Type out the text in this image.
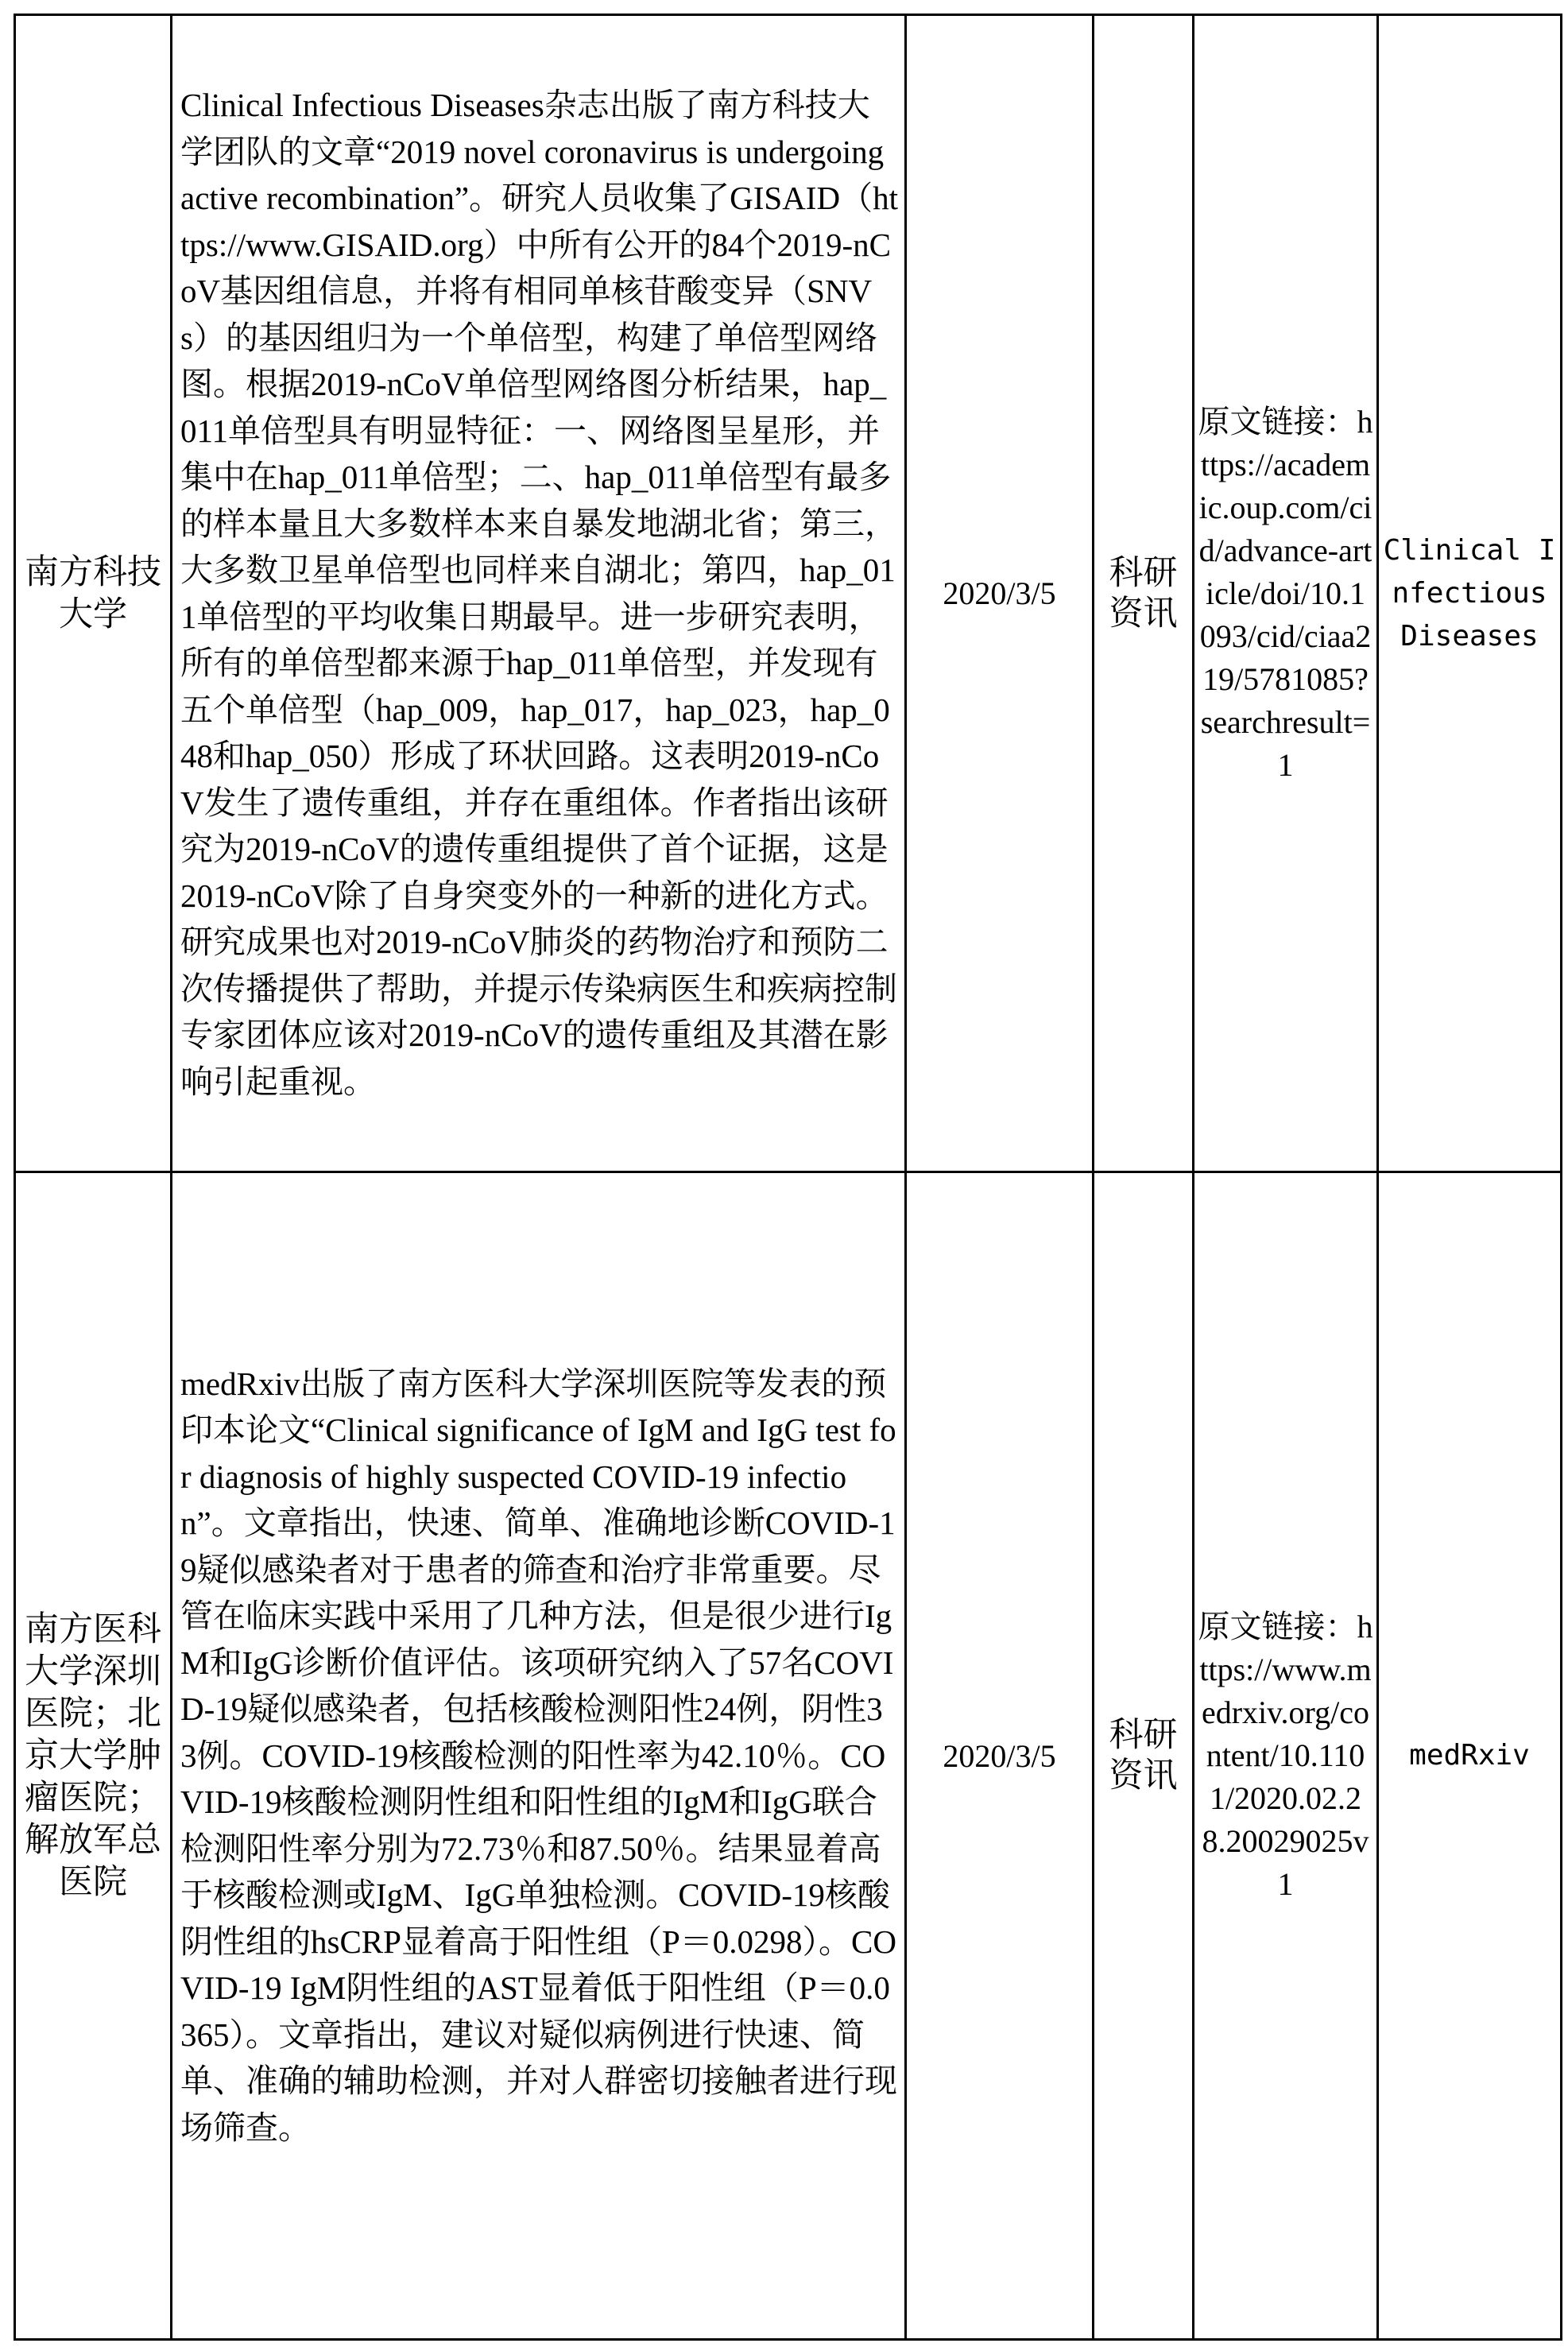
南方科技大学	Clinical Infectious Diseases杂志出版了南方科技大学团队的文章“2019 novel coronavirus is undergoing active recombination”。研究人员收集了GISAID（https://www.GISAID.org）中所有公开的84个2019-nCoV基因组信息，并将有相同单核苷酸变异（SNVs）的基因组归为一个单倍型，构建了单倍型网络图。根据2019-nCoV单倍型网络图分析结果，hap_011单倍型具有明显特征：一、网络图呈星形，并集中在hap_011单倍型；二、hap_011单倍型有最多的样本量且大多数样本来自暴发地湖北省；第三，大多数卫星单倍型也同样来自湖北；第四，hap_011单倍型的平均收集日期最早。进一步研究表明，所有的单倍型都来源于hap_011单倍型，并发现有五个单倍型（hap_009，hap_017，hap_023，hap_048和hap_050）形成了环状回路。这表明2019-nCoV发生了遗传重组，并存在重组体。作者指出该研究为2019-nCoV的遗传重组提供了首个证据，这是2019-nCoV除了自身突变外的一种新的进化方式。研究成果也对2019-nCoV肺炎的药物治疗和预防二次传播提供了帮助，并提示传染病医生和疾病控制专家团体应该对2019-nCoV的遗传重组及其潜在影响引起重视。	2020/3/5	科研资讯	原文链接：https://academic.oup.com/cid/advance-article/doi/10.1093/cid/ciaa219/5781085?searchresult=1	Clinical Infectious Diseases
南方医科大学深圳医院；北京大学肿瘤医院；解放军总医院	medRxiv出版了南方医科大学深圳医院等发表的预印本论文“Clinical significance of IgM and IgG test for diagnosis of highly suspected COVID-19 infection”。文章指出，快速、简单、准确地诊断COVID-19疑似感染者对于患者的筛查和治疗非常重要。尽管在临床实践中采用了几种方法，但是很少进行IgM和IgG诊断价值评估。该项研究纳入了57名COVID-19疑似感染者，包括核酸检测阳性24例，阴性33例。COVID-19核酸检测的阳性率为42.10％。COVID-19核酸检测阴性组和阳性组的IgM和IgG联合检测阳性率分别为72.73％和87.50％。结果显着高于核酸检测或IgM、IgG单独检测。COVID-19核酸阴性组的hsCRP显着高于阳性组（P＝0.0298）。COVID-19 IgM阴性组的AST显着低于阳性组（P＝0.0365）。文章指出，建议对疑似病例进行快速、简单、准确的辅助检测，并对人群密切接触者进行现场筛查。	2020/3/5	科研资讯	原文链接：https://www.medrxiv.org/content/10.1101/2020.02.28.20029025v1	medRxiv
